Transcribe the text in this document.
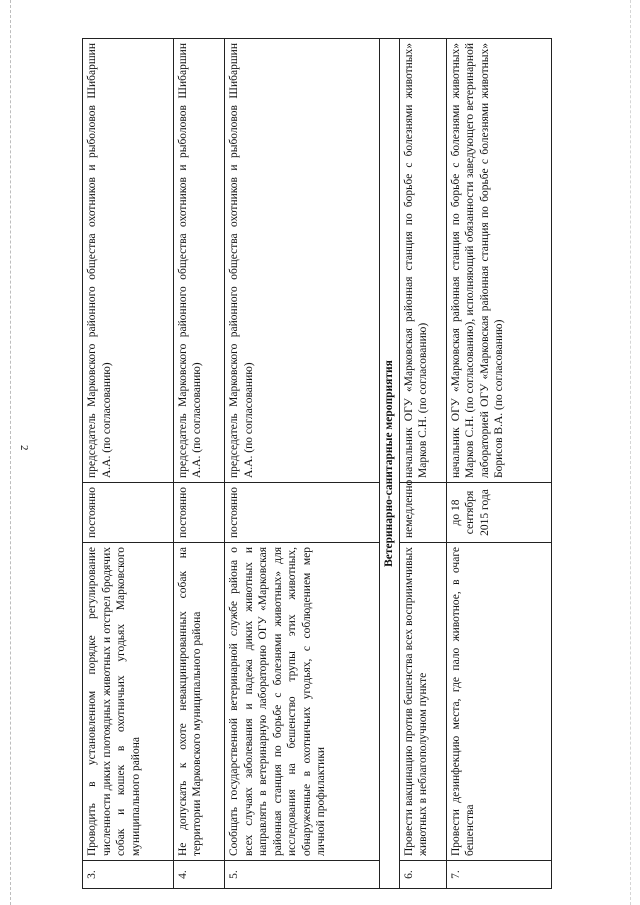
2
3.	Проводить в установленном порядке регулирование численности диких плотоядных животных и отстрел бродячих собак и кошек в охотничьих угодьях Марковского муниципального района	постоянно	председатель Марковского районного общества охотников и рыболовов Шибаршин А.А. (по согласованию)
4.	Не допускать к охоте невакцинированных собак на территории Марковского муниципального района	постоянно	председатель Марковского районного общества охотников и рыболовов Шибаршин А.А. (по согласованию)
5.	Сообщать государственной ветеринарной службе района о всех случаях заболевания и падежа диких животных и направлять в ветеринарную лабораторию ОГУ «Марковская районная станция по борьбе с болезнями животных» для исследования на бешенство трупы этих животных, обнаруженные в охотничьих угодьях, с соблюдением мер личной профилактики	постоянно	председатель Марковского районного общества охотников и рыболовов Шибаршин А.А. (по согласованию)
Ветеринарно-санитарные мероприятия			
6.	Провести вакцинацию против бешенства всех восприимчивых животных в неблагополучном пункте	немедленно	начальник ОГУ «Марковская районная станция по борьбе с болезнями животных» Марков С.Н. (по согласованию)
7.	Провести дезинфекцию места, где пало животное, в очаге бешенства	до 18 сентября 2015 года	начальник ОГУ «Марковская районная станция по борьбе с болезнями животных» Марков С.Н. (по согласованию), исполняющий обязанности заведующего ветеринарной лабораторией ОГУ «Марковская районная станция по борьбе с болезнями животных» Борисов В.А. (по согласованию)
